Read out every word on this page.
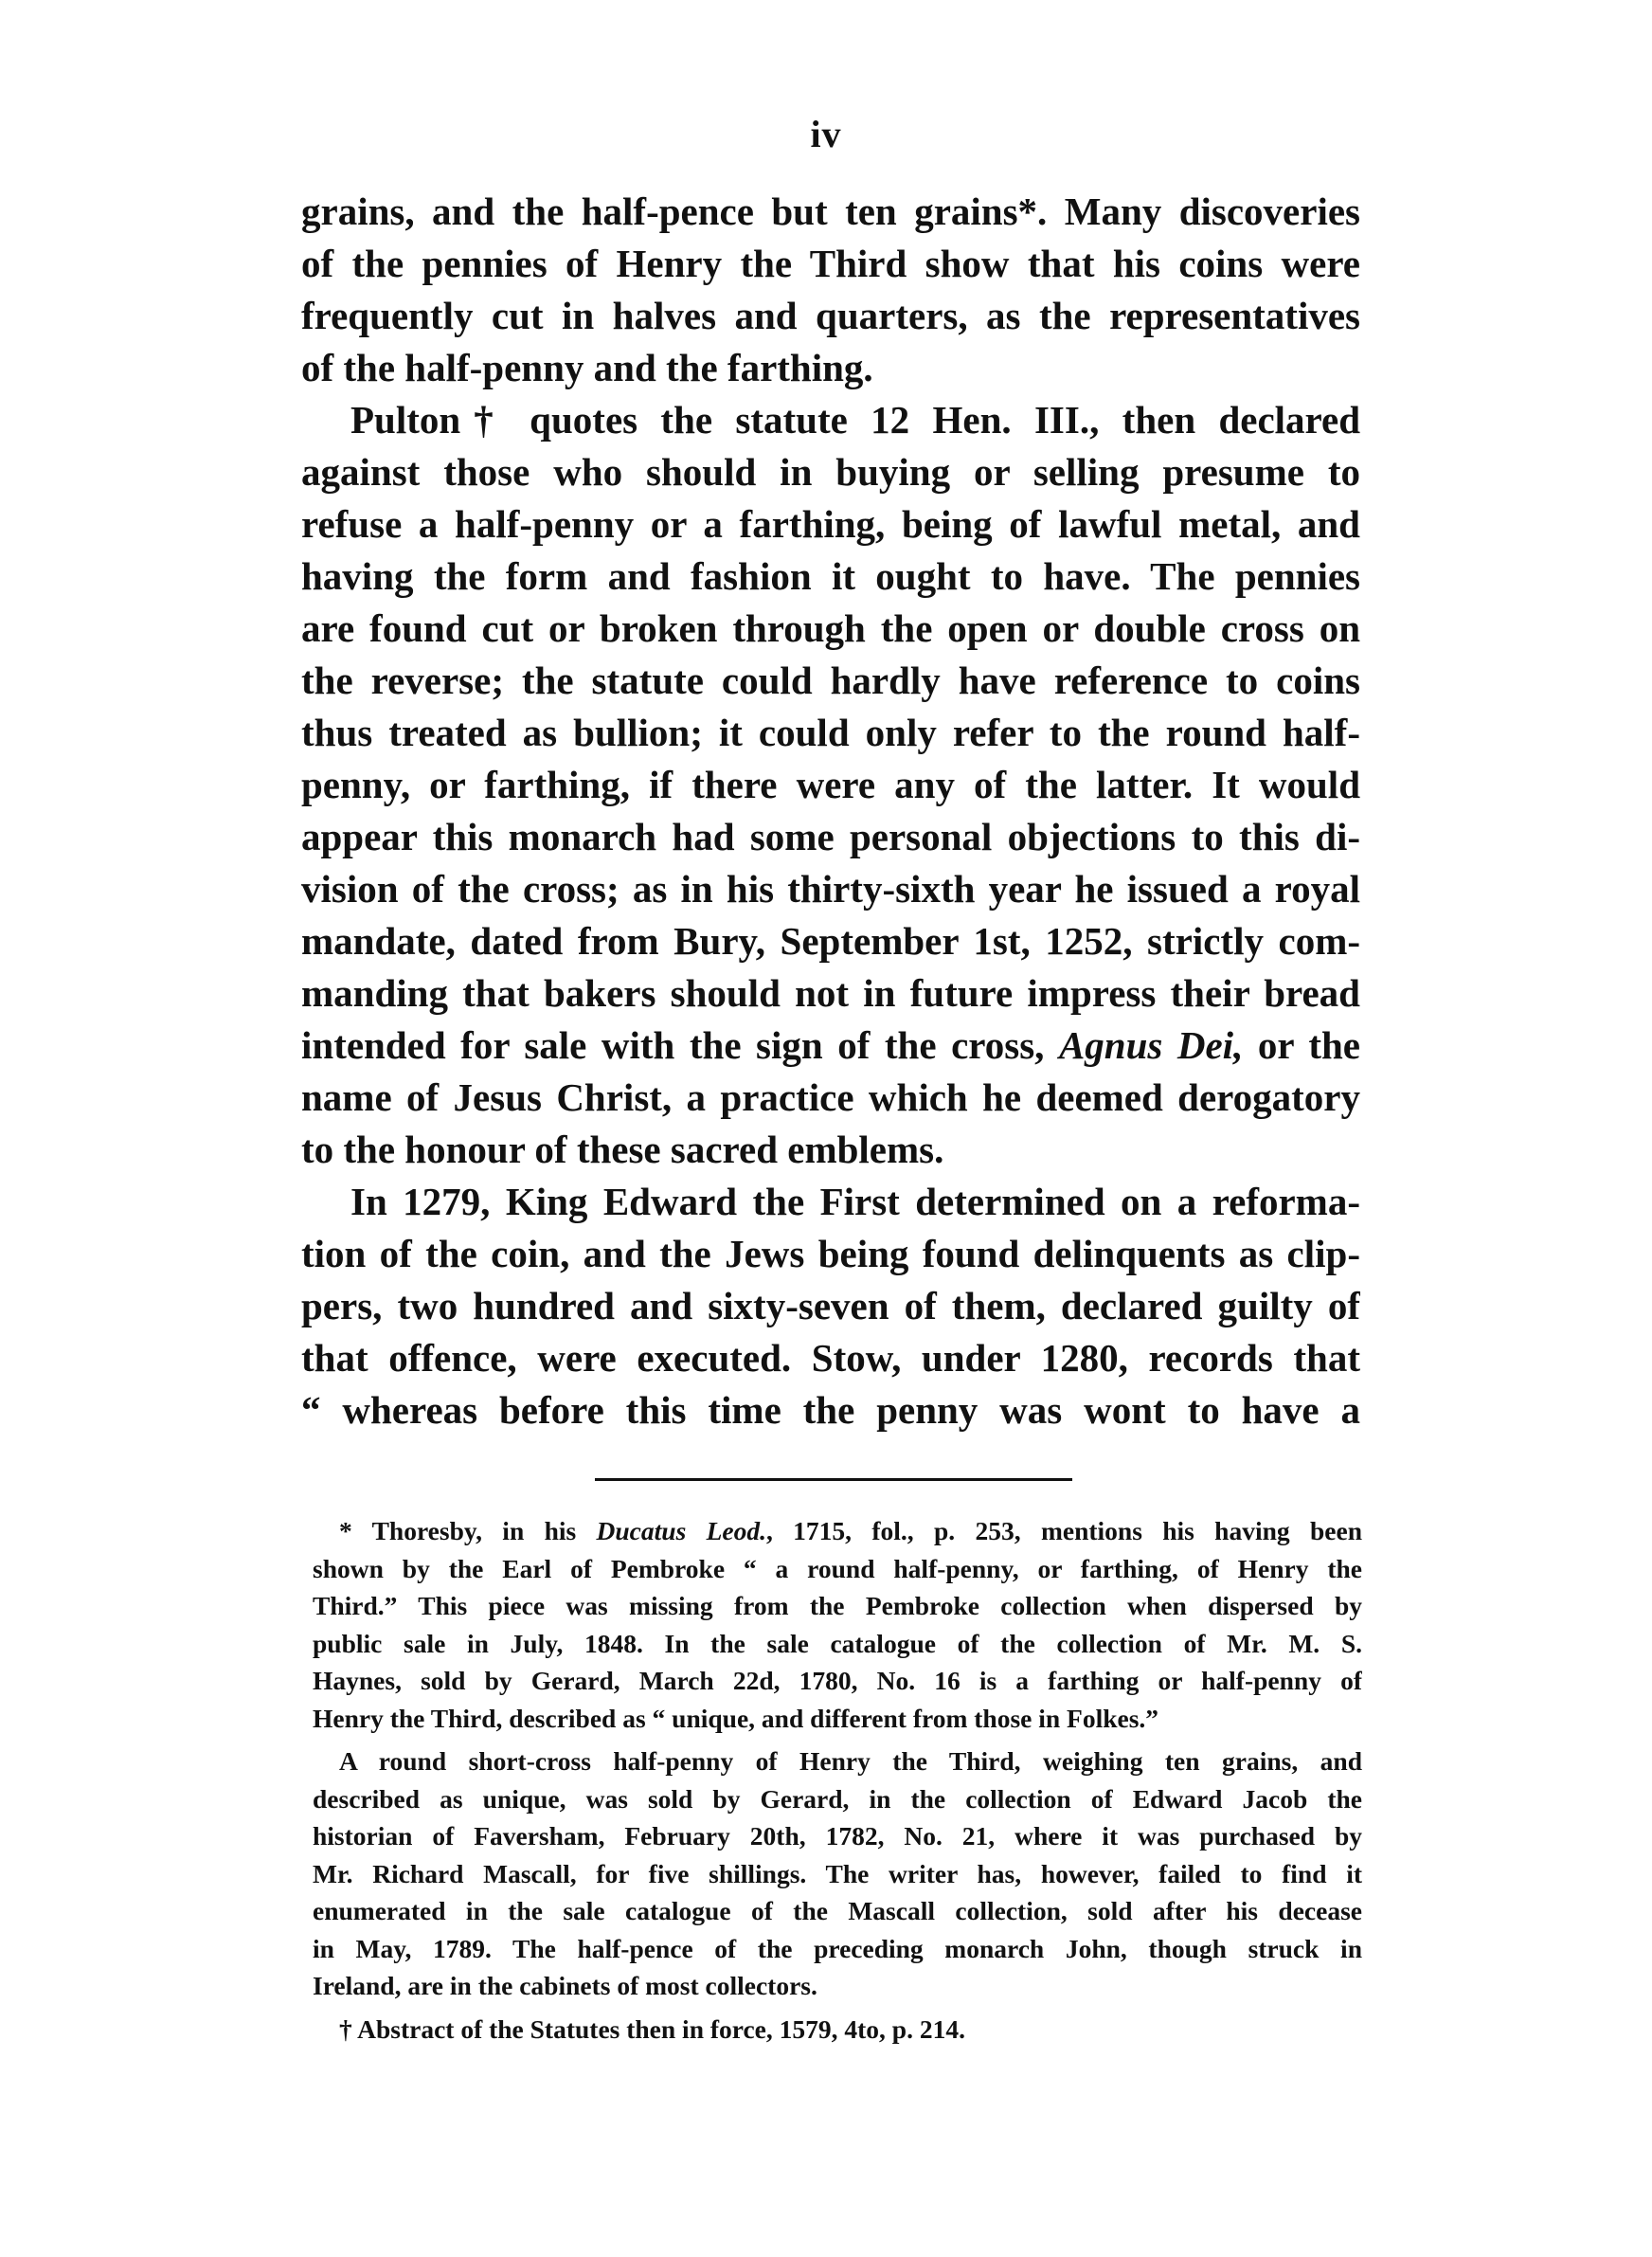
iv
grains, and the half-pence but ten grains*. Many discoveries
of the pennies of Henry the Third show that his coins were
frequently cut in halves and quarters, as the representatives
of the half-penny and the farthing.
Pulton† quotes the statute 12 Hen. III., then declared
against those who should in buying or selling presume to
refuse a half-penny or a farthing, being of lawful metal, and
having the form and fashion it ought to have. The pennies
are found cut or broken through the open or double cross on
the reverse; the statute could hardly have reference to coins
thus treated as bullion; it could only refer to the round half-
penny, or farthing, if there were any of the latter. It would
appear this monarch had some personal objections to this di-
vision of the cross; as in his thirty-sixth year he issued a royal
mandate, dated from Bury, September 1st, 1252, strictly com-
manding that bakers should not in future impress their bread
intended for sale with the sign of the cross, Agnus Dei, or the
name of Jesus Christ, a practice which he deemed derogatory
to the honour of these sacred emblems.
In 1279, King Edward the First determined on a reforma-
tion of the coin, and the Jews being found delinquents as clip-
pers, two hundred and sixty-seven of them, declared guilty of
that offence, were executed. Stow, under 1280, records that
“ whereas before this time the penny was wont to have a
* Thoresby, in his Ducatus Leod., 1715, fol., p. 253, mentions his having been
shown by the Earl of Pembroke “ a round half-penny, or farthing, of Henry the
Third.” This piece was missing from the Pembroke collection when dispersed by
public sale in July, 1848. In the sale catalogue of the collection of Mr. M. S.
Haynes, sold by Gerard, March 22d, 1780, No. 16 is a farthing or half-penny of
Henry the Third, described as “ unique, and different from those in Folkes.”
A round short-cross half-penny of Henry the Third, weighing ten grains, and
described as unique, was sold by Gerard, in the collection of Edward Jacob the
historian of Faversham, February 20th, 1782, No. 21, where it was purchased by
Mr. Richard Mascall, for five shillings. The writer has, however, failed to find it
enumerated in the sale catalogue of the Mascall collection, sold after his decease
in May, 1789. The half-pence of the preceding monarch John, though struck in
Ireland, are in the cabinets of most collectors.
† Abstract of the Statutes then in force, 1579, 4to, p. 214.
